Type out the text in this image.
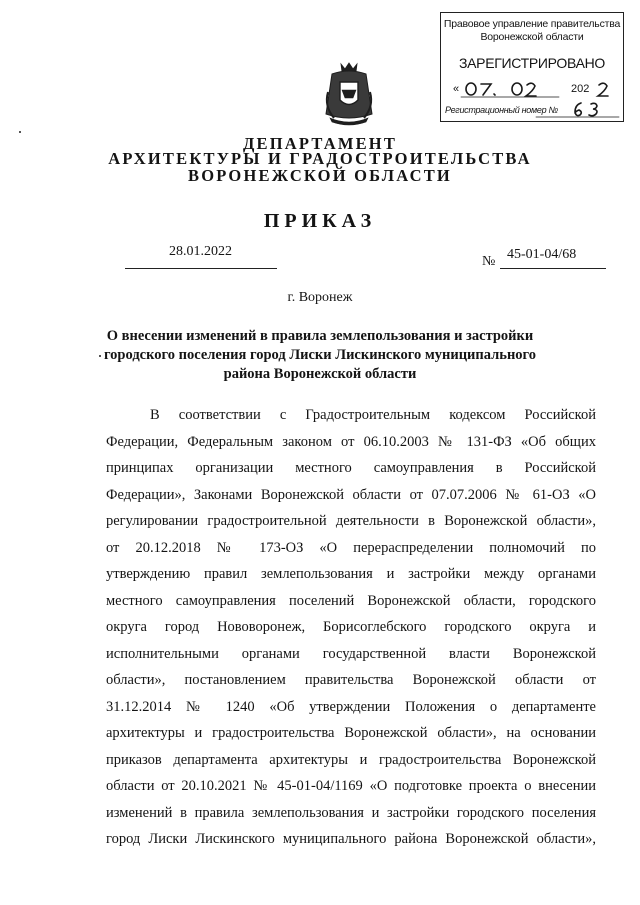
Правовое управление правительства
Воронежской области
ЗАРЕГИСТРИРОВАНО
«	202
Регистрационный номер №
ДЕПАРТАМЕНТ
АРХИТЕКТУРЫ И ГРАДОСТРОИТЕЛЬСТВА
ВОРОНЕЖСКОЙ ОБЛАСТИ
ПРИКАЗ
28.01.2022
№ 45-01-04/68
г. Воронеж
О внесении изменений в правила землепользования и застройки
городского поселения город Лиски Лискинского муниципального
района Воронежской области
В соответствии с Градостроительным кодексом Российской
Федерации, Федеральным законом от 06.10.2003 № 131-ФЗ «Об общих
принципах организации местного самоуправления в Российской
Федерации», Законами Воронежской области от 07.07.2006 № 61-ОЗ «О
регулировании градостроительной деятельности в Воронежской области»,
от 20.12.2018 № 173-ОЗ «О перераспределении полномочий по
утверждению правил землепользования и застройки между органами
местного самоуправления поселений Воронежской области, городского
округа город Нововоронеж, Борисоглебского городского округа и
исполнительными органами государственной власти Воронежской
области», постановлением правительства Воронежской области от
31.12.2014 № 1240 «Об утверждении Положения о департаменте
архитектуры и градостроительства Воронежской области», на основании
приказов департамента архитектуры и градостроительства Воронежской
области от 20.10.2021 № 45-01-04/1169 «О подготовке проекта о внесении
изменений в правила землепользования и застройки городского поселения
город Лиски Лискинского муниципального района Воронежской области»,
